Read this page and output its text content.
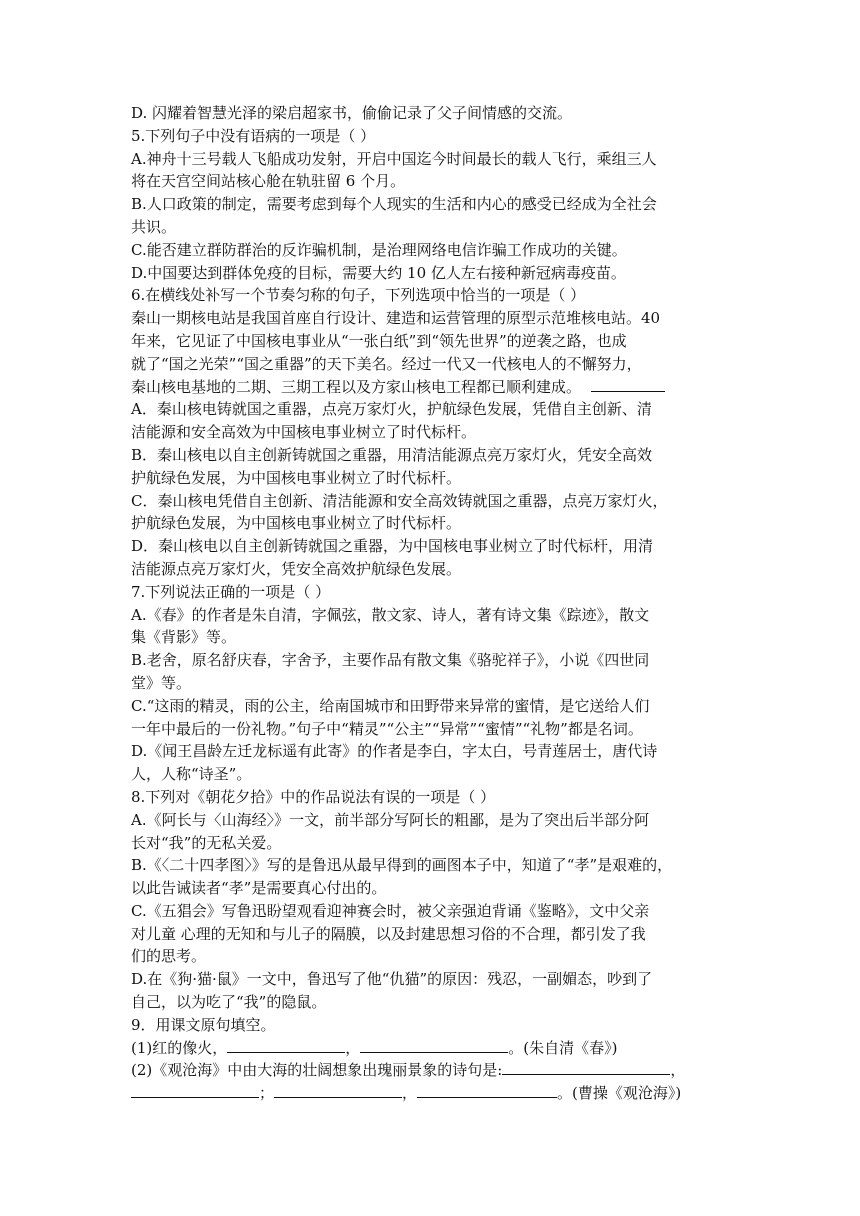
D. 闪耀着智慧光泽的梁启超家书，偷偷记录了父子间情感的交流。
5.下列句子中没有语病的一项是（ ）
A.神舟十三号载人飞船成功发射，开启中国迄今时间最长的载人飞行，乘组三人
将在天宫空间站核心舱在轨驻留 6 个月。
B.人口政策的制定，需要考虑到每个人现实的生活和内心的感受已经成为全社会
共识。
C.能否建立群防群治的反诈骗机制，是治理网络电信诈骗工作成功的关键。
D.中国要达到群体免疫的目标，需要大约 10 亿人左右接种新冠病毒疫苗。
6.在横线处补写一个节奏匀称的句子，下列选项中恰当的一项是（ ）
秦山一期核电站是我国首座自行设计、建造和运营管理的原型示范堆核电站。40
年来，它见证了中国核电事业从“一张白纸”到“领先世界”的逆袭之路，也成
就了“国之光荣”“国之重器”的天下美名。经过一代又一代核电人的不懈努力，
秦山核电基地的二期、三期工程以及方家山核电工程都已顺利建成。
A．秦山核电铸就国之重器，点亮万家灯火，护航绿色发展，凭借自主创新、清
洁能源和安全高效为中国核电事业树立了时代标杆。
B．秦山核电以自主创新铸就国之重器，用清洁能源点亮万家灯火，凭安全高效
护航绿色发展，为中国核电事业树立了时代标杆。
C．秦山核电凭借自主创新、清洁能源和安全高效铸就国之重器，点亮万家灯火，
护航绿色发展，为中国核电事业树立了时代标杆。
D．秦山核电以自主创新铸就国之重器，为中国核电事业树立了时代标杆，用清
洁能源点亮万家灯火，凭安全高效护航绿色发展。
7.下列说法正确的一项是（ ）
A.《春》的作者是朱自清，字佩弦，散文家、诗人，著有诗文集《踪迹》，散文
集《背影》等。
B.老舍，原名舒庆春，字舍予，主要作品有散文集《骆驼祥子》，小说《四世同
堂》等。
C.“这雨的精灵，雨的公主，给南国城市和田野带来异常的蜜情，是它送给人们
一年中最后的一份礼物。”句子中“精灵”“公主”“异常”“蜜情”“礼物”都是名词。
D.《闻王昌龄左迁龙标遥有此寄》的作者是李白，字太白，号青莲居士，唐代诗
人，人称“诗圣”。
8.下列对《朝花夕拾》中的作品说法有误的一项是（ ）
A.《阿长与〈山海经〉》一文，前半部分写阿长的粗鄙，是为了突出后半部分阿
长对“我”的无私关爱。
B.《〈二十四孝图〉》写的是鲁迅从最早得到的画图本子中，知道了“孝”是艰难的，
以此告诫读者“孝”是需要真心付出的。
C.《五猖会》写鲁迅盼望观看迎神赛会时，被父亲强迫背诵《鉴略》，文中父亲
对儿童 心理的无知和与儿子的隔膜，以及封建思想习俗的不合理，都引发了我
们的思考。
D.在《狗·猫·鼠》一文中，鲁迅写了他“仇猫”的原因：残忍，一副媚态，吵到了
自己，以为吃了“我”的隐鼠。
9．用课文原句填空。
(1)红的像火，	，	。(朱自清《春》)
(2)《观沧海》中由大海的壮阔想象出瑰丽景象的诗句是:	，
；	，	。(曹操《观沧海》)
